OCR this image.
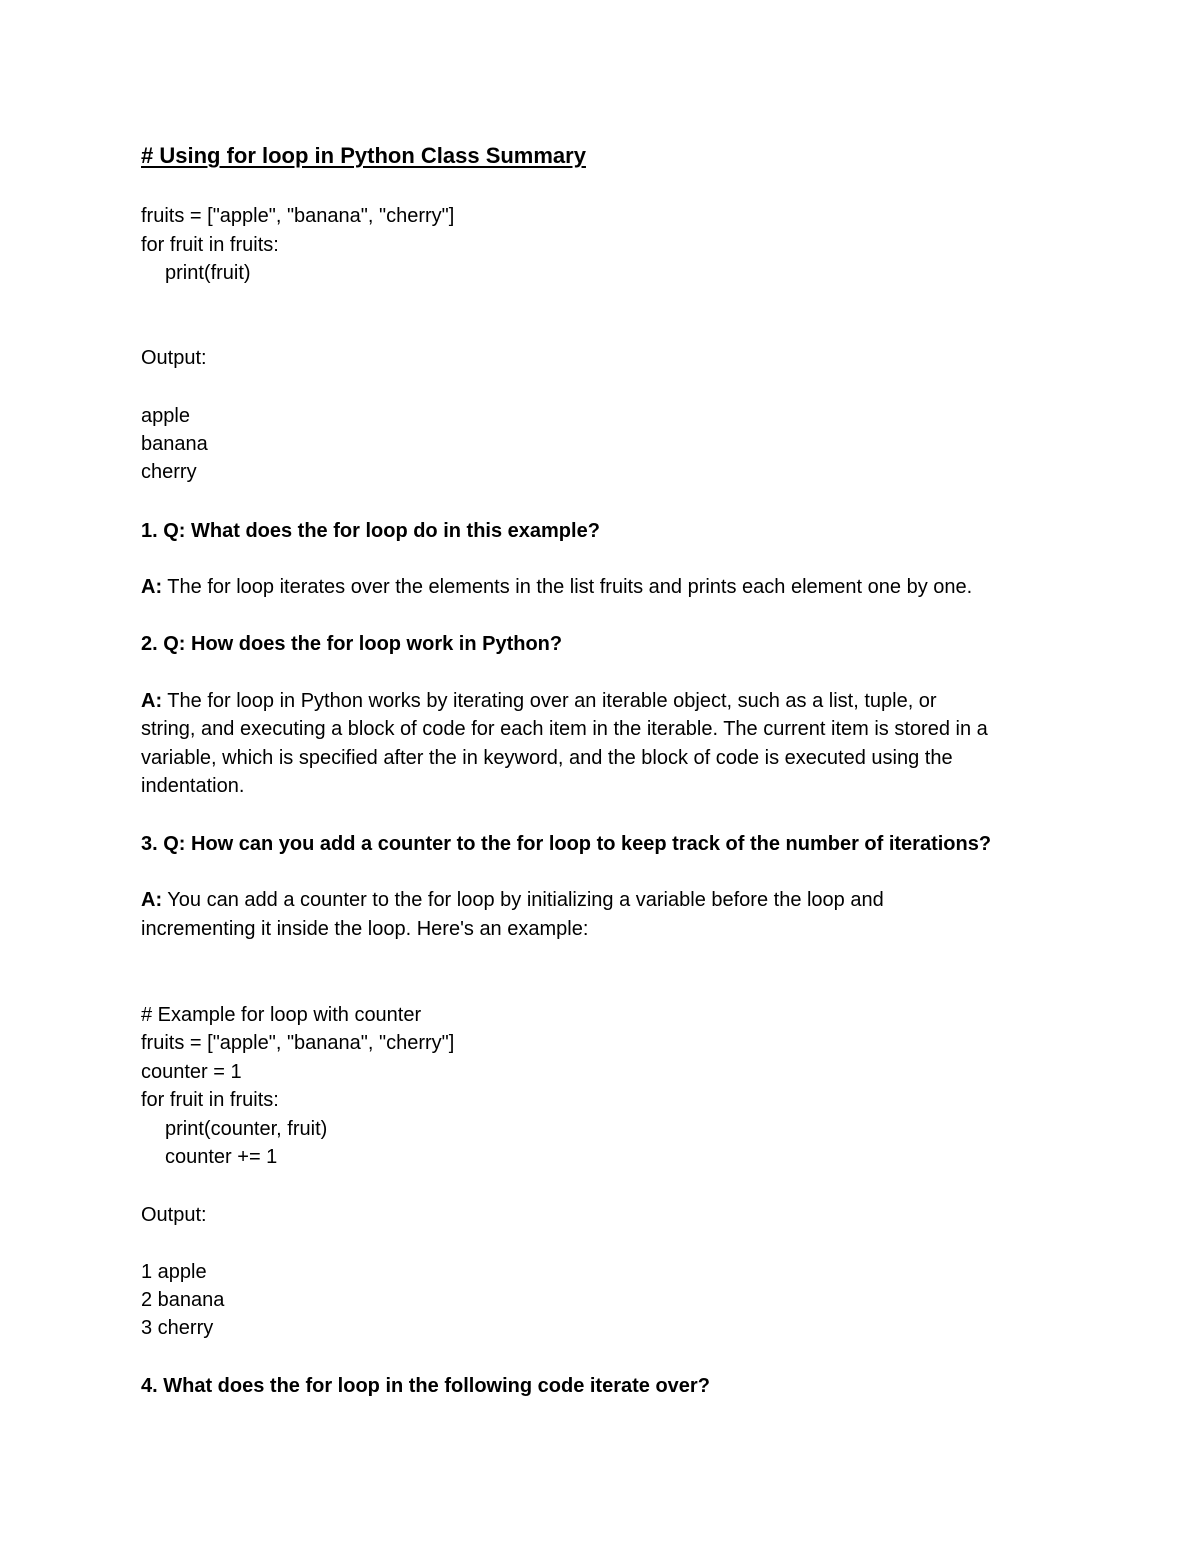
# Using for loop in Python Class Summary
fruits = ["apple", "banana", "cherry"]
for fruit in fruits:
print(fruit)
Output:
apple
banana
cherry
1. Q: What does the for loop do in this example?
A: The for loop iterates over the elements in the list fruits and prints each element one by one.
2. Q: How does the for loop work in Python?
A: The for loop in Python works by iterating over an iterable object, such as a list, tuple, or
string, and executing a block of code for each item in the iterable. The current item is stored in a
variable, which is specified after the in keyword, and the block of code is executed using the
indentation.
3. Q: How can you add a counter to the for loop to keep track of the number of iterations?
A: You can add a counter to the for loop by initializing a variable before the loop and
incrementing it inside the loop. Here's an example:
# Example for loop with counter
fruits = ["apple", "banana", "cherry"]
counter = 1
for fruit in fruits:
print(counter, fruit)
counter += 1
Output:
1 apple
2 banana
3 cherry
4. What does the for loop in the following code iterate over?
